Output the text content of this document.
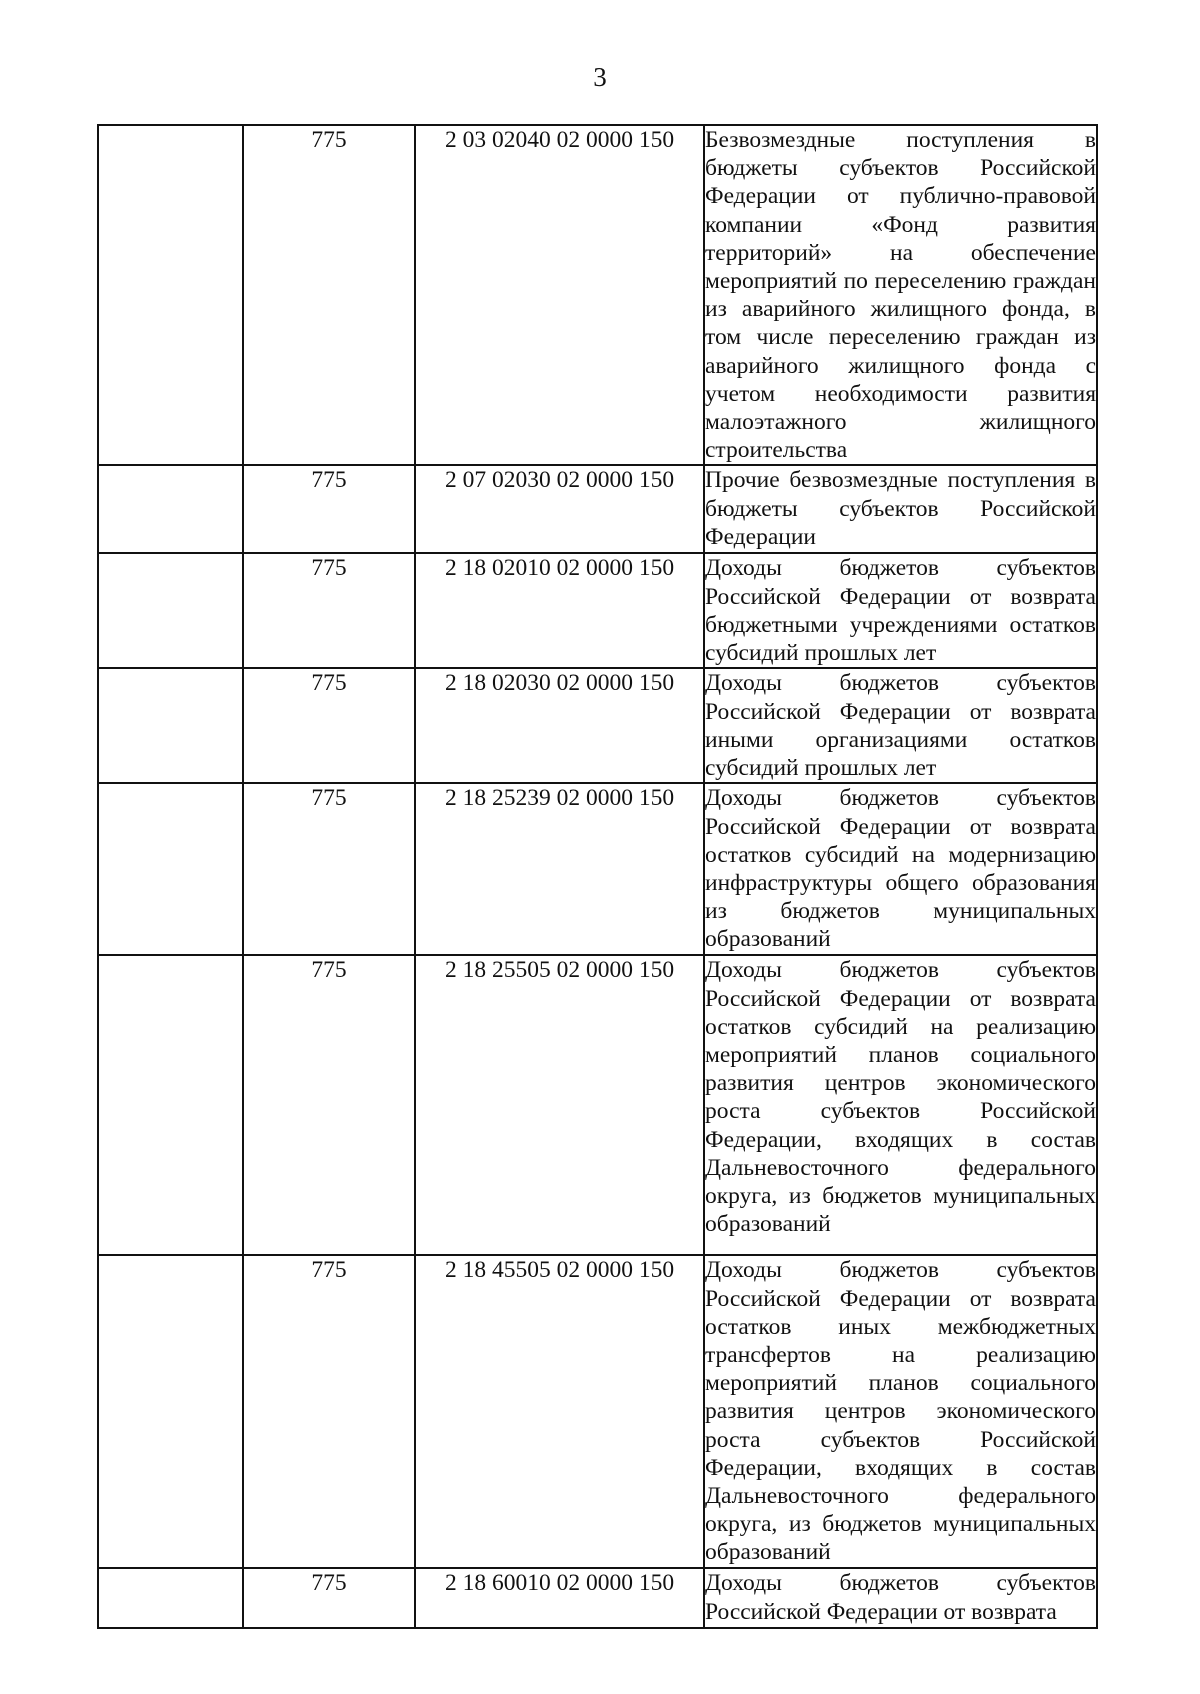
3
	775	2 03 02040 02 0000 150	Безвозмездные поступления в бюджеты субъектов Российской Федерации от публично-правовой компании «Фонд развития территорий» на обеспечение мероприятий по переселению граждан из аварийного жилищного фонда, в том числе переселению граждан из аварийного жилищного фонда с учетом необходимости развития малоэтажного жилищного строительства
	775	2 07 02030 02 0000 150	Прочие безвозмездные поступления в бюджеты субъектов Российской Федерации
	775	2 18 02010 02 0000 150	Доходы бюджетов субъектов Российской Федерации от возврата бюджетными учреждениями остатков субсидий прошлых лет
	775	2 18 02030 02 0000 150	Доходы бюджетов субъектов Российской Федерации от возврата иными организациями остатков субсидий прошлых лет
	775	2 18 25239 02 0000 150	Доходы бюджетов субъектов Российской Федерации от возврата остатков субсидий на модернизацию инфраструктуры общего образования из бюджетов муниципальных образований
	775	2 18 25505 02 0000 150	Доходы бюджетов субъектов Российской Федерации от возврата остатков субсидий на реализацию мероприятий планов социального развития центров экономического роста субъектов Российской Федерации, входящих в состав Дальневосточного федерального округа, из бюджетов муниципальных образований
	775	2 18 45505 02 0000 150	Доходы бюджетов субъектов Российской Федерации от возврата остатков иных межбюджетных трансфертов на реализацию мероприятий планов социального развития центров экономического роста субъектов Российской Федерации, входящих в состав Дальневосточного федерального округа, из бюджетов муниципальных образований
	775	2 18 60010 02 0000 150	Доходы бюджетов субъектов Российской Федерации от возврата
